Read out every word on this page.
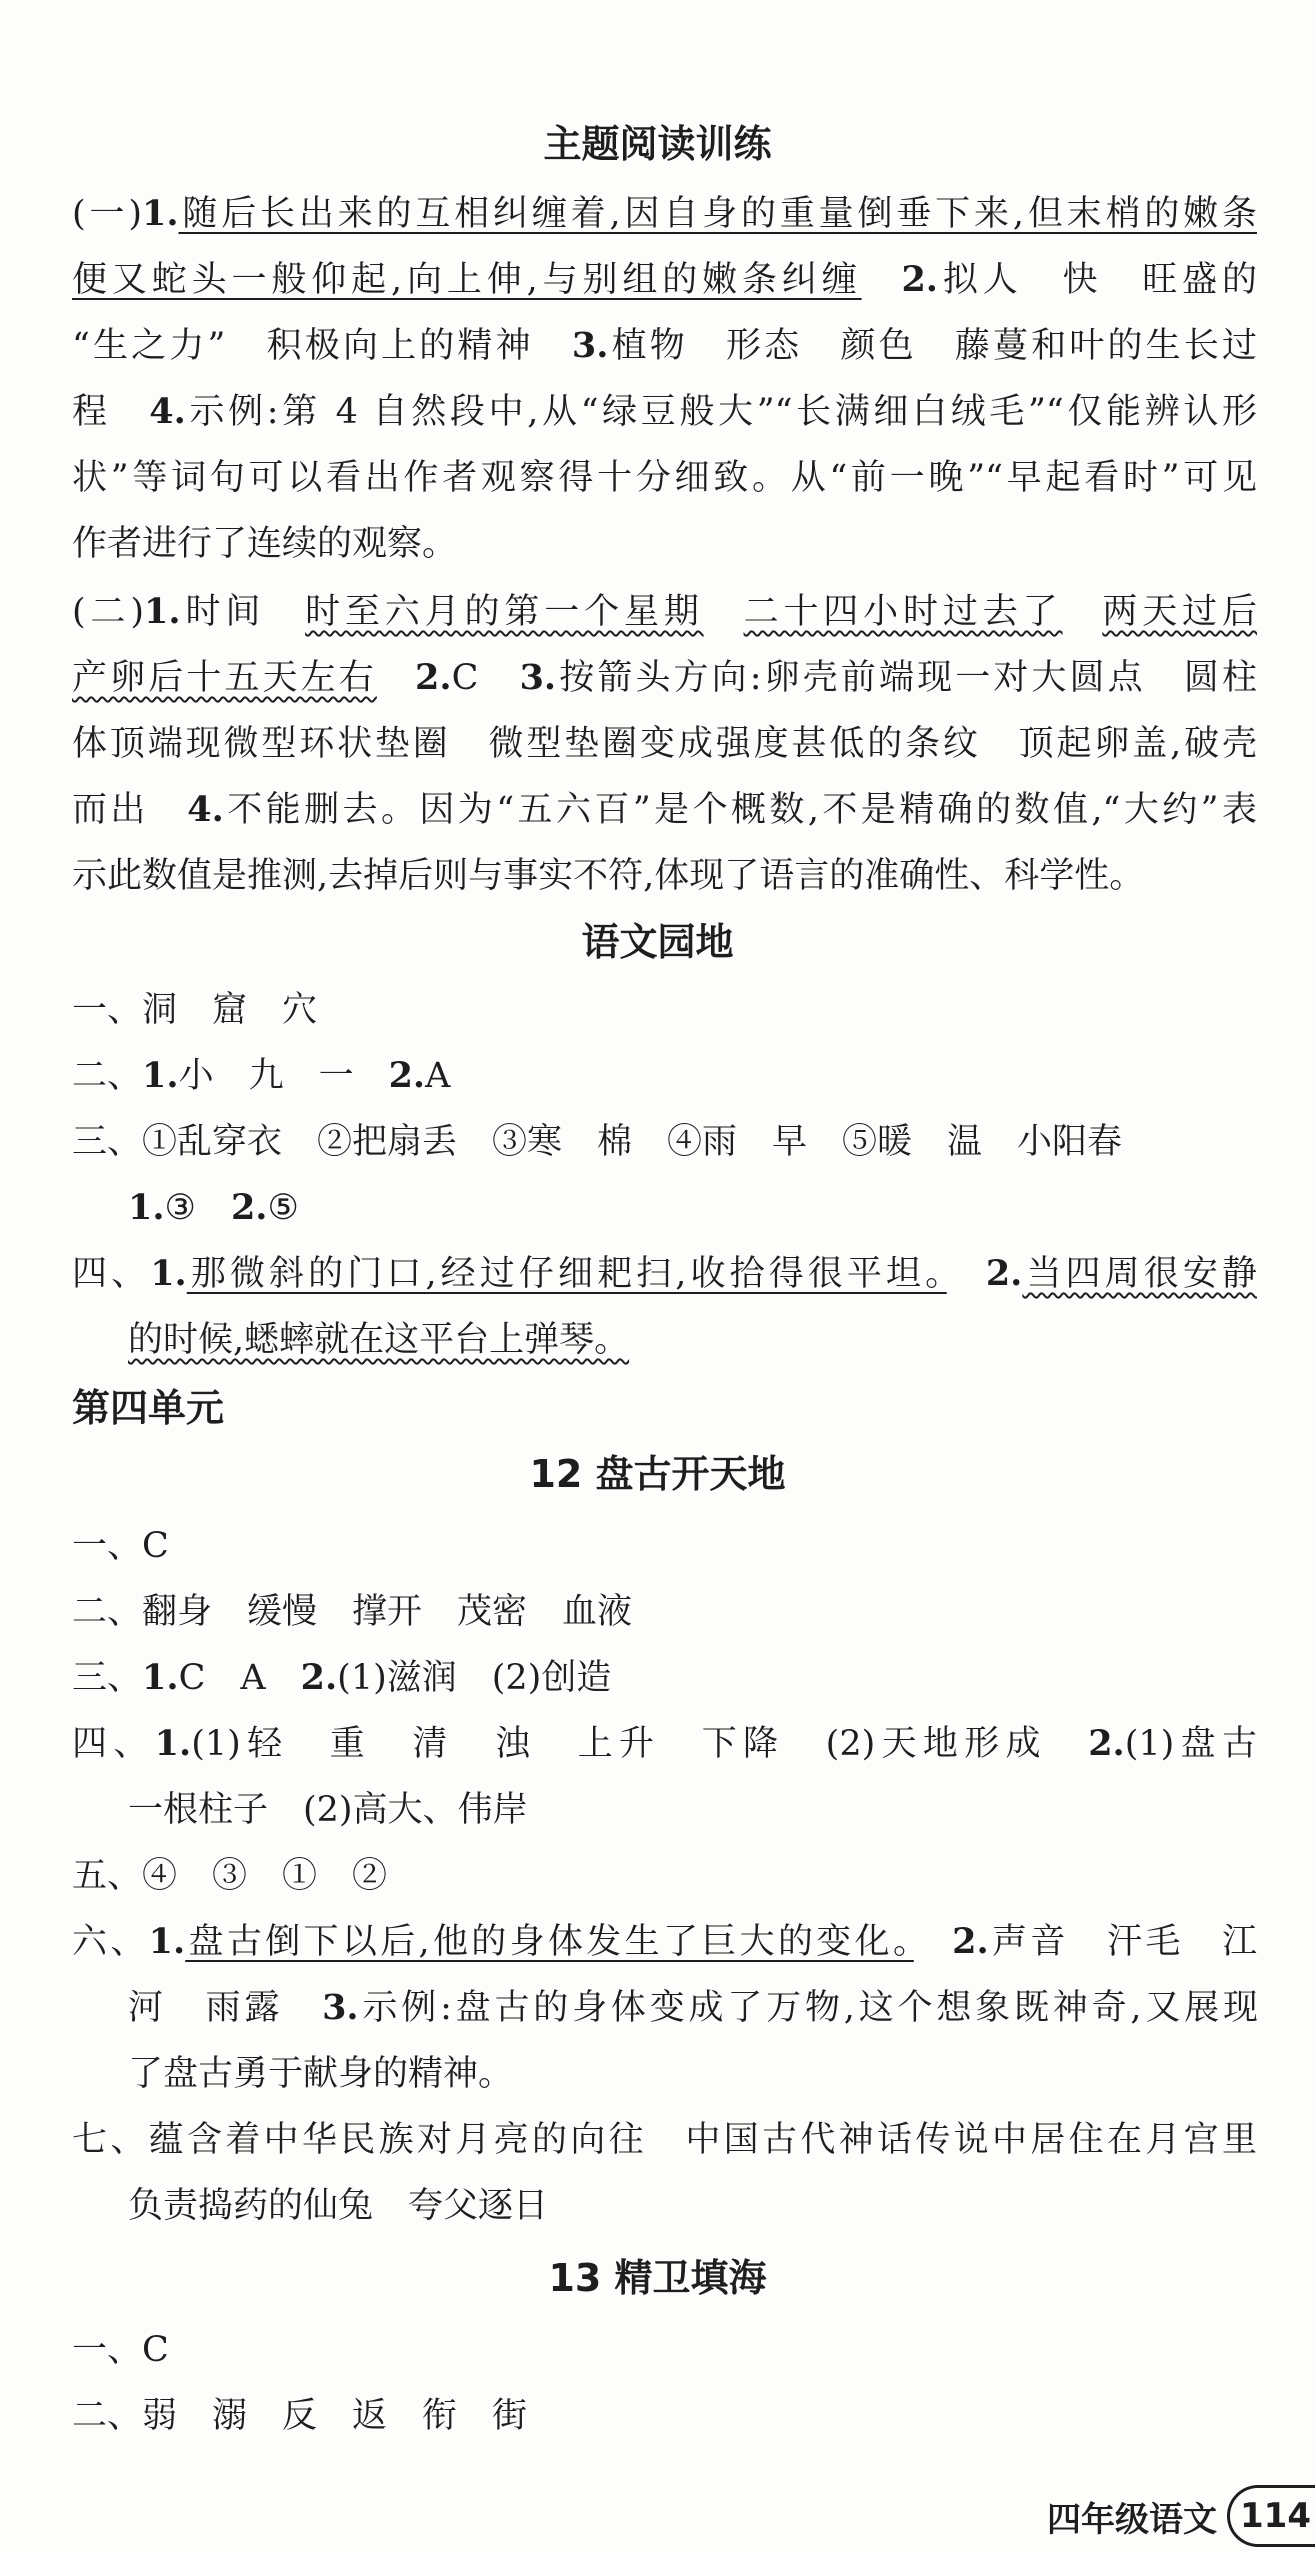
主题阅读训练
(一)1.随后长出来的互相纠缠着,因自身的重量倒垂下来,但末梢的嫩条
便又蛇头一般仰起,向上伸,与别组的嫩条纠缠　 2.拟人　快　旺盛的
“生之力”　积极向上的精神　3.植物　形态　颜色　藤蔓和叶的生长过
程　4.示例:第 4 自然段中,从“绿豆般大”“长满细白绒毛”“仅能辨认形
状”等词句可以看出作者观察得十分细致。从“前一晚”“早起看时”可见
作者进行了连续的观察。
(二)1.时间　时至六月的第一个星期　 二十四小时过去了　 两天过后
产卵后十五天左右　 2.C　3.按箭头方向:卵壳前端现一对大圆点　圆柱
体顶端现微型环状垫圈　微型垫圈变成强度甚低的条纹　顶起卵盖,破壳
而出　4.不能删去。因为“五六百”是个概数,不是精确的数值,“大约”表
示此数值是推测,去掉后则与事实不符,体现了语言的准确性、科学性。
语文园地
一、洞　窟　穴
二、1.小　九　一　2.A
三、①乱穿衣　②把扇丢　③寒　棉　④雨　早　⑤暖　温　小阳春
1.③　2.⑤
四、1.那微斜的门口,经过仔细耙扫,收拾得很平坦。　 2.当四周很安静
的时候,蟋蟀就在这平台上弹琴。
第四单元
12 盘古开天地
一、C
二、翻身　缓慢　撑开　茂密　血液
三、1.C　A　2.(1)滋润　(2)创造
四、1.(1)轻　重　清　浊　上升　下降　(2)天地形成　2.(1)盘古
一根柱子　(2)高大、伟岸
五、④　③　①　②
六、1.盘古倒下以后,他的身体发生了巨大的变化。　 2.声音　汗毛　江
河　雨露　3.示例:盘古的身体变成了万物,这个想象既神奇,又展现
了盘古勇于献身的精神。
七、蕴含着中华民族对月亮的向往　中国古代神话传说中居住在月宫里
负责捣药的仙兔　夸父逐日
13 精卫填海
一、C
二、弱　溺　反　返　衔　街
四年级语文 114
